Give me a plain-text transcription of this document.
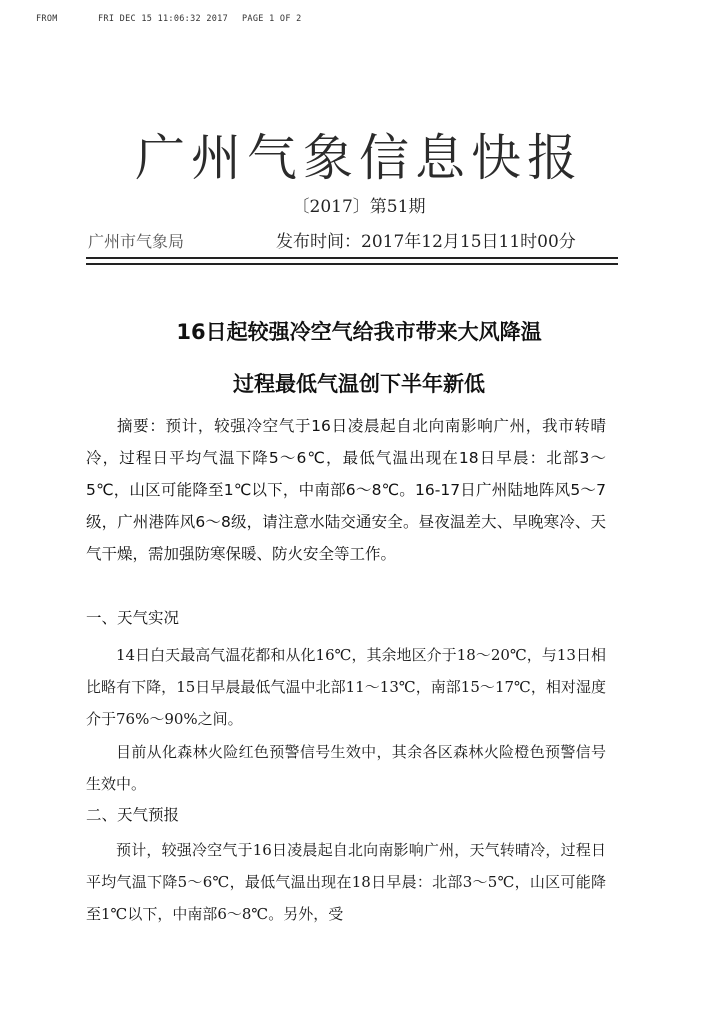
FROM	FRI DEC 15 11:06:32 2017 PAGE 1 OF 2
广州气象信息快报
〔2017〕第51期
广州市气象局	发布时间：2017年12月15日11时00分
16日起较强冷空气给我市带来大风降温
过程最低气温创下半年新低
摘要：预计，较强冷空气于16日凌晨起自北向南影响广州，我市转晴冷，过程日平均气温下降5～6℃，最低气温出现在18日早晨：北部3～5℃，山区可能降至1℃以下，中南部6～8℃。16-17日广州陆地阵风5～7级，广州港阵风6～8级，请注意水陆交通安全。昼夜温差大、早晚寒冷、天气干燥，需加强防寒保暖、防火安全等工作。
一、天气实况
14日白天最高气温花都和从化16℃，其余地区介于18～20℃，与13日相比略有下降，15日早晨最低气温中北部11～13℃，南部15～17℃，相对湿度介于76%～90%之间。
目前从化森林火险红色预警信号生效中，其余各区森林火险橙色预警信号生效中。
二、天气预报
预计，较强冷空气于16日凌晨起自北向南影响广州，天气转晴冷，过程日平均气温下降5～6℃，最低气温出现在18日早晨：北部3～5℃，山区可能降至1℃以下，中南部6～8℃。另外，受
